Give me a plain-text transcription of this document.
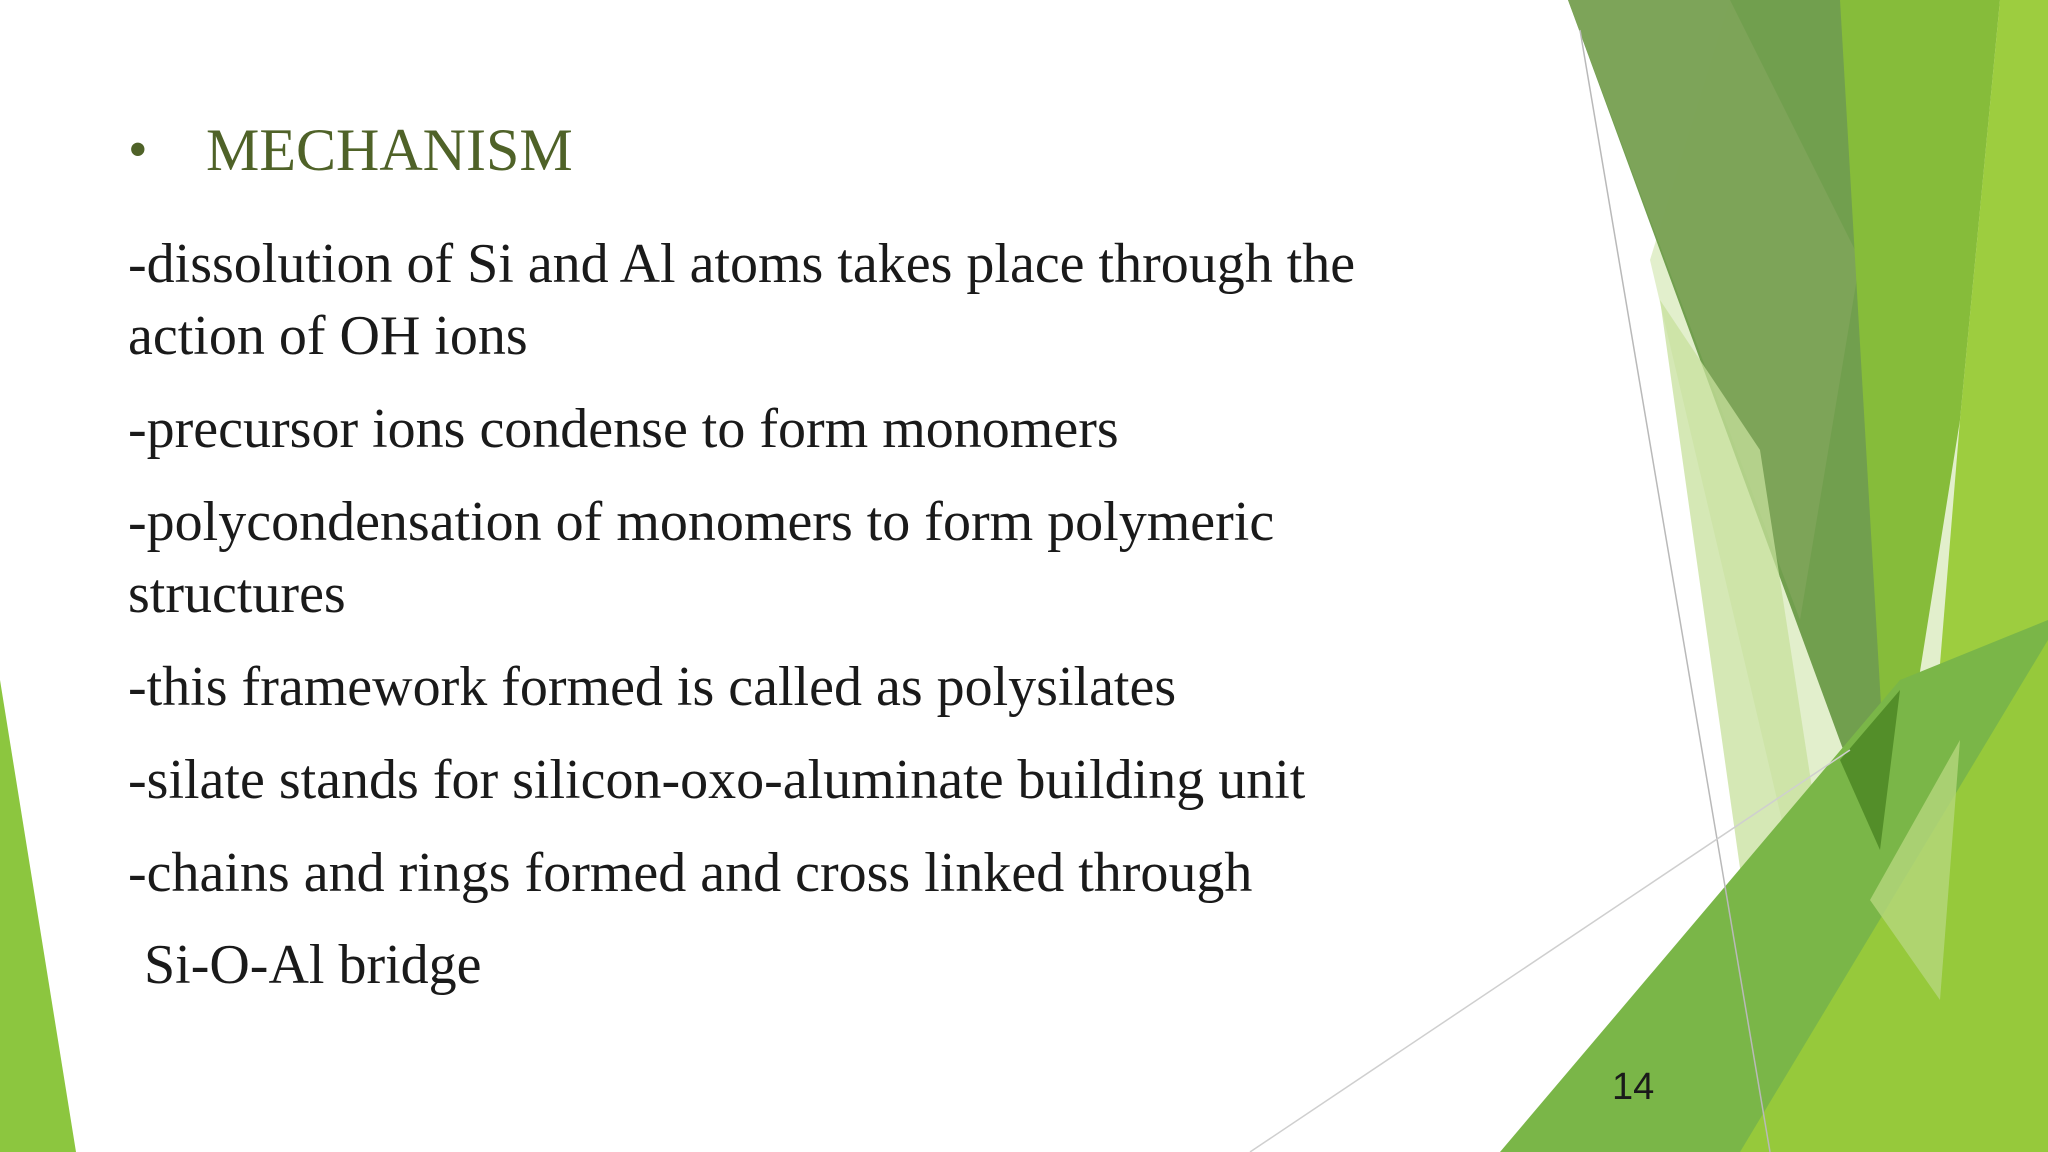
• MECHANISM

-dissolution of Si and Al atoms takes place through the action of OH ions

-precursor ions condense to form monomers

-polycondensation of monomers to form polymeric structures

-this framework formed is called as polysilates

-silate stands for silicon-oxo-aluminate building unit

-chains and rings formed and cross linked through

Si-O-Al bridge

14
